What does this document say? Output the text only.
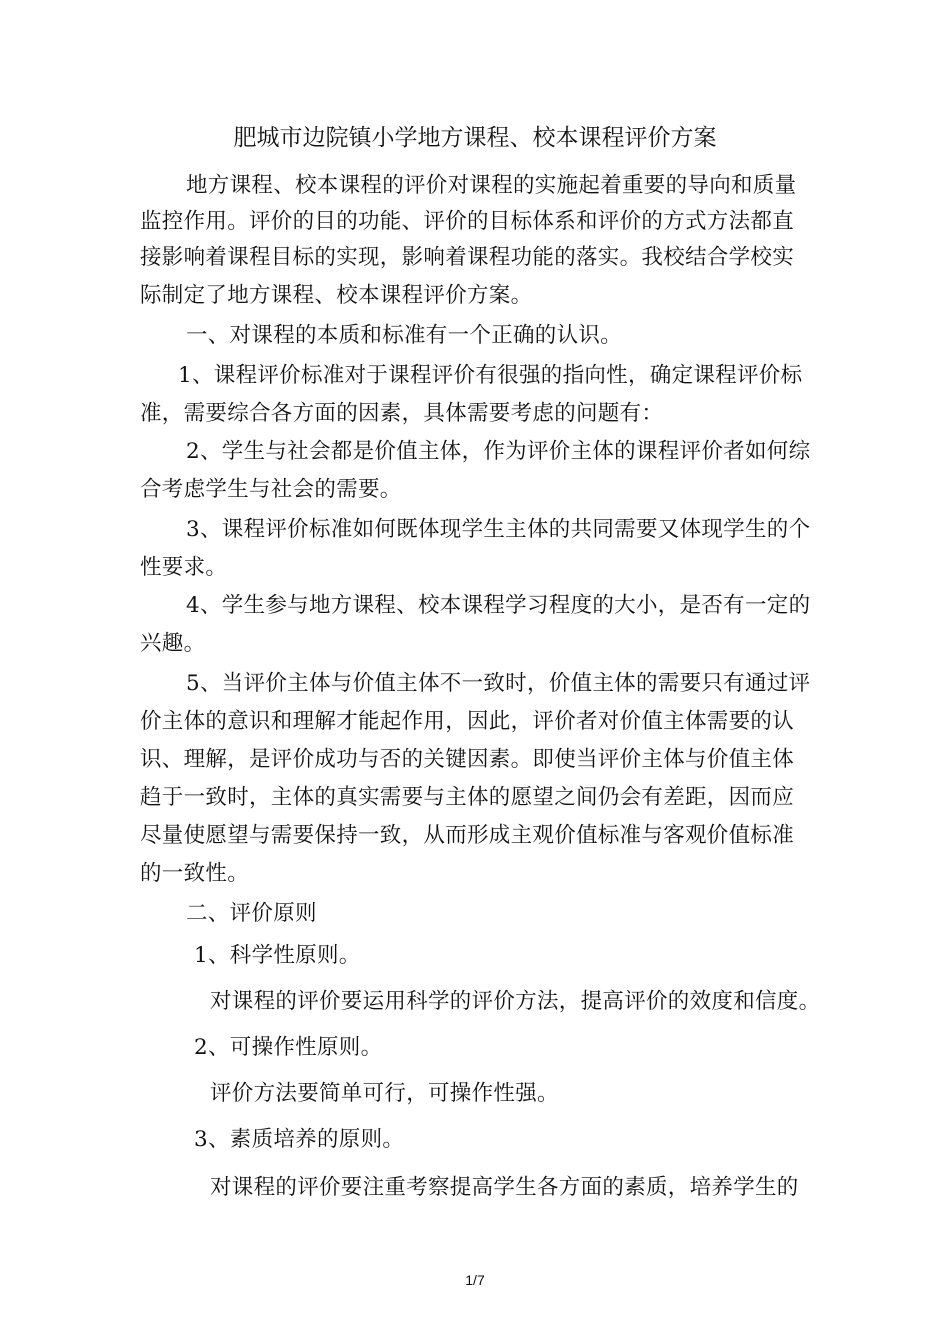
肥城市边院镇小学地方课程、校本课程评价方案
地方课程、校本课程的评价对课程的实施起着重要的导向和质量
监控作用。评价的目的功能、评价的目标体系和评价的方式方法都直
接影响着课程目标的实现，影响着课程功能的落实。我校结合学校实
际制定了地方课程、校本课程评价方案。
一、对课程的本质和标准有一个正确的认识。
1、课程评价标准对于课程评价有很强的指向性，确定课程评价标
准，需要综合各方面的因素，具体需要考虑的问题有：
2、学生与社会都是价值主体，作为评价主体的课程评价者如何综
合考虑学生与社会的需要。
3、课程评价标准如何既体现学生主体的共同需要又体现学生的个
性要求。
4、学生参与地方课程、校本课程学习程度的大小，是否有一定的
兴趣。
5、当评价主体与价值主体不一致时，价值主体的需要只有通过评
价主体的意识和理解才能起作用，因此，评价者对价值主体需要的认
识、理解，是评价成功与否的关键因素。即使当评价主体与价值主体
趋于一致时，主体的真实需要与主体的愿望之间仍会有差距，因而应
尽量使愿望与需要保持一致，从而形成主观价值标准与客观价值标准
的一致性。
二、评价原则
1、科学性原则。
对课程的评价要运用科学的评价方法，提高评价的效度和信度。
2、可操作性原则。
评价方法要简单可行，可操作性强。
3、素质培养的原则。
对课程的评价要注重考察提高学生各方面的素质，培养学生的
1/7
